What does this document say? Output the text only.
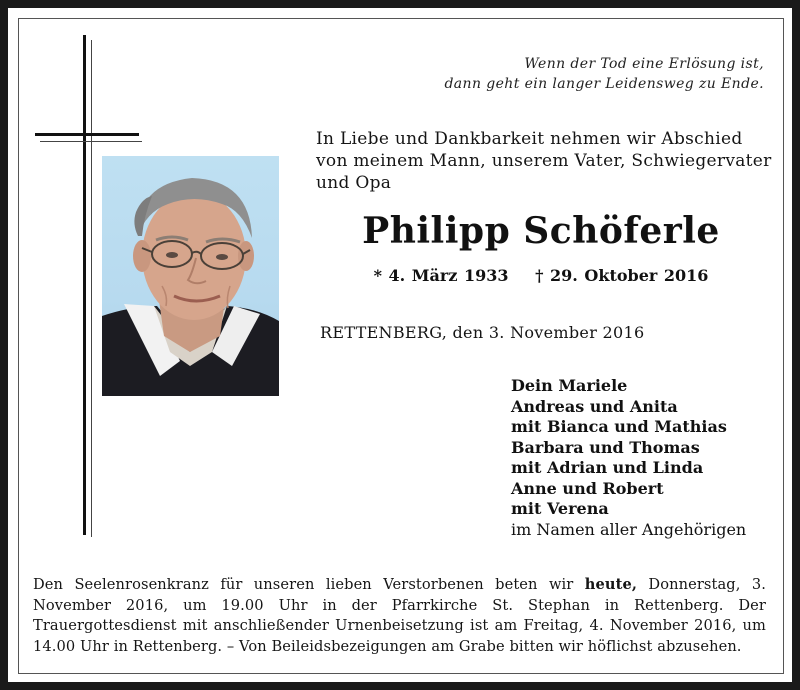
Wenn der Tod eine Erlösung ist,
dann geht ein langer Leidensweg zu Ende.
In Liebe und Dankbarkeit nehmen wir Abschied
von meinem Mann, unserem Vater, Schwiegervater
und Opa
Philipp Schöferle
* 4. März 1933 † 29. Oktober 2016
RETTENBERG, den 3. November 2016
Dein Mariele
Andreas und Anita
mit Bianca und Mathias
Barbara und Thomas
mit Adrian und Linda
Anne und Robert
mit Verena
im Namen aller Angehörigen
Den Seelenrosenkranz für unseren lieben Verstorbenen beten wir heute, Donnerstag, 3. November 2016, um 19.00 Uhr in der Pfarrkirche St. Stephan in Rettenberg. Der Trauergottesdienst mit anschließender Urnenbeisetzung ist am Freitag, 4. November 2016, um 14.00 Uhr in Rettenberg. – Von Beileidsbezeigungen am Grabe bitten wir höflichst abzusehen.
